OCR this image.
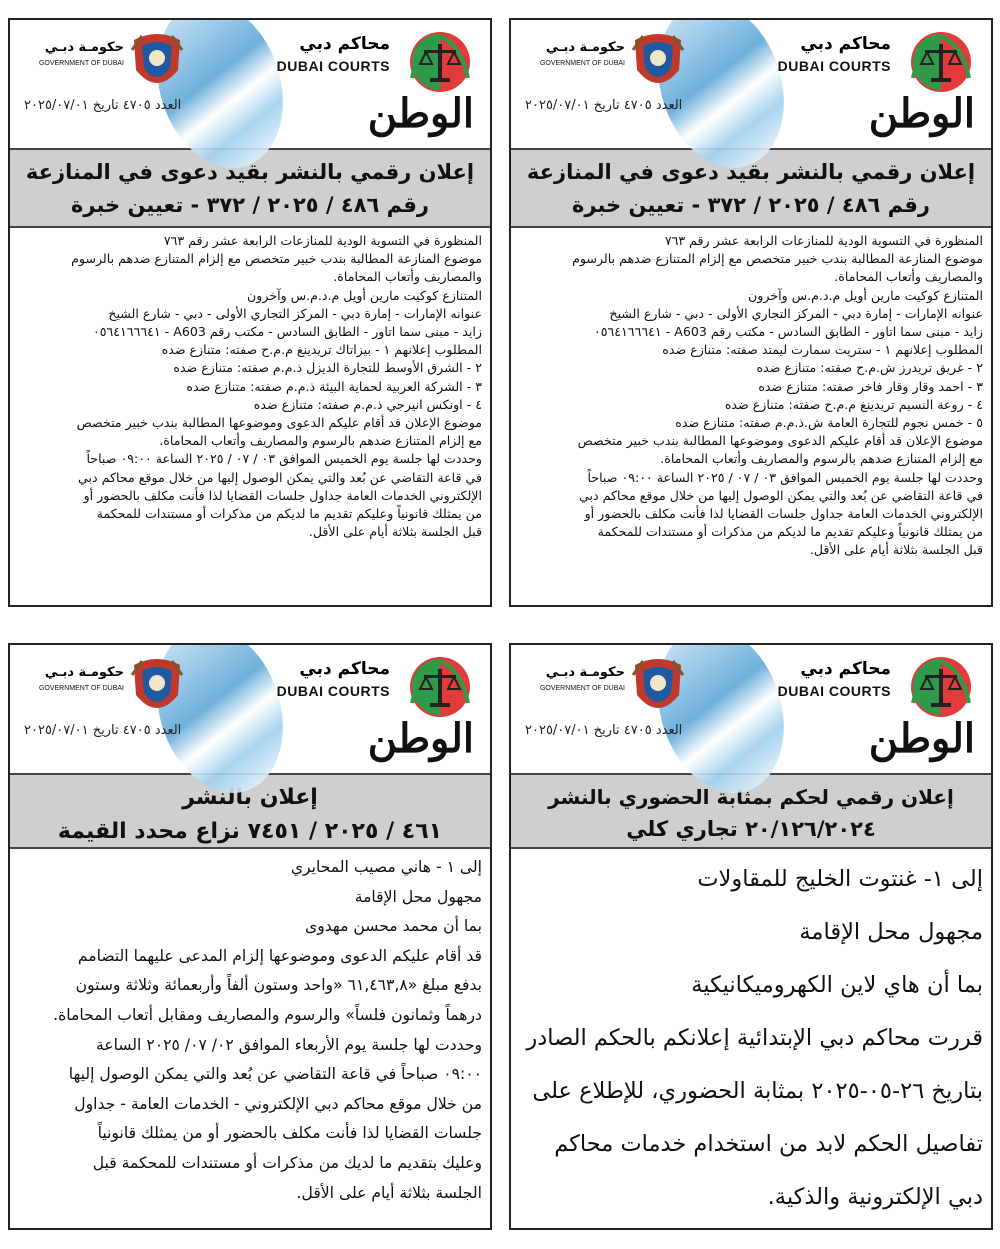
محاكم دبي
DUBAI COURTS
حكومـة دبـي
GOVERNMENT OF DUBAI
الوطن
العدد ٤٧٠٥ تاريخ ٢٠٢٥/٠٧/٠١
إعلان رقمي بالنشر بقيد دعوى في المنازعة
رقم ٤٨٦ / ٢٠٢٥ / ٣٧٢ - تعيين خبرة

المنظورة في التسوية الودية للمنازعات الرابعة عشر رقم ٧٦٣

موضوع المنازعة المطالبة بندب خبير متخصص مع إلزام المتنازع ضدهم بالرسوم

والمصاريف وأتعاب المحاماة.

المتنازع كوكيت مارين أويل م.د.م.س وآخرون

عنوانه الإمارات - إمارة دبي - المركز التجاري الأولى - دبي - شارع الشيخ

زايد - مبنى سما اتاور - الطابق السادس - مكتب رقم A603 - ٠٥٦٤١٦٦٦٤١

المطلوب إعلانهم ١ - ستريت سمارت ليمتد صفته: متنازع ضده

٢ - غريق تريدرز ش.م.ح صفته: متنازع ضده

٣ - احمد وقار وقار فاخر صفته: متنازع ضده

٤ - روعة النسيم تريدينغ م.م.ح صفته: متنازع ضده

٥ - خمس نجوم للتجارة العامة ش.ذ.م.م صفته: متنازع ضده

موضوع الإعلان قد أقام عليكم الدعوى وموضوعها المطالبة بندب خبير متخصص

مع إلزام المتنازع ضدهم بالرسوم والمصاريف وأتعاب المحاماة.

وحددت لها جلسة يوم الخميس الموافق ٠٣ / ٠٧ / ٢٠٢٥ الساعة ٠٩:٠٠ صباحاً

في قاعة التقاضي عن بُعد والتي يمكن الوصول إليها من خلال موقع محاكم دبي

الإلكتروني الخدمات العامة جداول جلسات القضايا لذا فأنت مكلف بالحضور أو

من يمثلك قانونياً وعليكم تقديم ما لديكم من مذكرات أو مستندات للمحكمة

قبل الجلسة بثلاثة أيام على الأقل.

محاكم دبي
DUBAI COURTS
حكومـة دبـي
GOVERNMENT OF DUBAI
الوطن
العدد ٤٧٠٥ تاريخ ٢٠٢٥/٠٧/٠١
إعلان رقمي بالنشر بقيد دعوى في المنازعة
رقم ٤٨٦ / ٢٠٢٥ / ٣٧٢ - تعيين خبرة

المنظورة في التسوية الودية للمنازعات الرابعة عشر رقم ٧٦٣

موضوع المنازعة المطالبة بندب خبير متخصص مع إلزام المتنازع ضدهم بالرسوم

والمصاريف وأتعاب المحاماة.

المتنازع كوكيت مارين أويل م.د.م.س وآخرون

عنوانه الإمارات - إمارة دبي - المركز التجاري الأولى - دبي - شارع الشيخ

زايد - مبنى سما اتاور - الطابق السادس - مكتب رقم A603 - ٠٥٦٤١٦٦٦٤١

المطلوب إعلانهم ١ - بيزاتاك تريدينغ م.م.ح صفته: متنازع ضده

٢ - الشرق الأوسط للتجارة الديزل ذ.م.م صفته: متنازع ضده

٣ - الشركة العربية لحماية البيئة ذ.م.م صفته: متنازع ضده

٤ - اونكس انيرجي ذ.م.م صفته: متنازع ضده

موضوع الإعلان قد أقام عليكم الدعوى وموضوعها المطالبة بندب خبير متخصص

مع إلزام المتنازع ضدهم بالرسوم والمصاريف وأتعاب المحاماة.

وحددت لها جلسة يوم الخميس الموافق ٠٣ / ٠٧ / ٢٠٢٥ الساعة ٠٩:٠٠ صباحاً

في قاعة التقاضي عن بُعد والتي يمكن الوصول إليها من خلال موقع محاكم دبي

الإلكتروني الخدمات العامة جداول جلسات القضايا لذا فأنت مكلف بالحضور أو

من يمثلك قانونياً وعليكم تقديم ما لديكم من مذكرات أو مستندات للمحكمة

قبل الجلسة بثلاثة أيام على الأقل.

محاكم دبي
DUBAI COURTS
حكومـة دبـي
GOVERNMENT OF DUBAI
الوطن
العدد ٤٧٠٥ تاريخ ٢٠٢٥/٠٧/٠١
إعلان بالنشر
٤٦١ / ٢٠٢٥ / ٧٤٥١ نزاع محدد القيمة

إلى ١ - هاني مصيب المحايري

مجهول محل الإقامة

بما أن محمد محسن مهدوى

قد أقام عليكم الدعوى وموضوعها إلزام المدعى عليهما التضامم

بدفع مبلغ «٦١,٤٦٣,٨ «واحد وستون ألفاً وأربعمائة وثلاثة وستون

درهماً وثمانون فلساً» والرسوم والمصاريف ومقابل أتعاب المحاماة.

وحددت لها جلسة يوم الأربعاء الموافق ٠٢/ ٠٧/ ٢٠٢٥ الساعة

٠٩:٠٠ صباحاً في قاعة التقاضي عن بُعد والتي يمكن الوصول إليها

من خلال موقع محاكم دبي الإلكتروني - الخدمات العامة - جداول

جلسات القضايا لذا فأنت مكلف بالحضور أو من يمثلك قانونياً

وعليك بتقديم ما لديك من مذكرات أو مستندات للمحكمة قبل

الجلسة بثلاثة أيام على الأقل.

محاكم دبي
DUBAI COURTS
حكومـة دبـي
GOVERNMENT OF DUBAI
الوطن
العدد ٤٧٠٥ تاريخ ٢٠٢٥/٠٧/٠١
إعلان رقمي لحكم بمثابة الحضوري بالنشر
٢٠/١٢٦/٢٠٢٤ تجاري كلي

إلى ١- غنتوت الخليج للمقاولات

مجهول محل الإقامة

بما أن هاي لاين الكهروميكانيكية

قررت محاكم دبي الإبتدائية إعلانكم بالحكم الصادر

بتاريخ ٢٦-٠٥-٢٠٢٥ بمثابة الحضوري، للإطلاع على

تفاصيل الحكم لابد من استخدام خدمات محاكم

دبي الإلكترونية والذكية.
